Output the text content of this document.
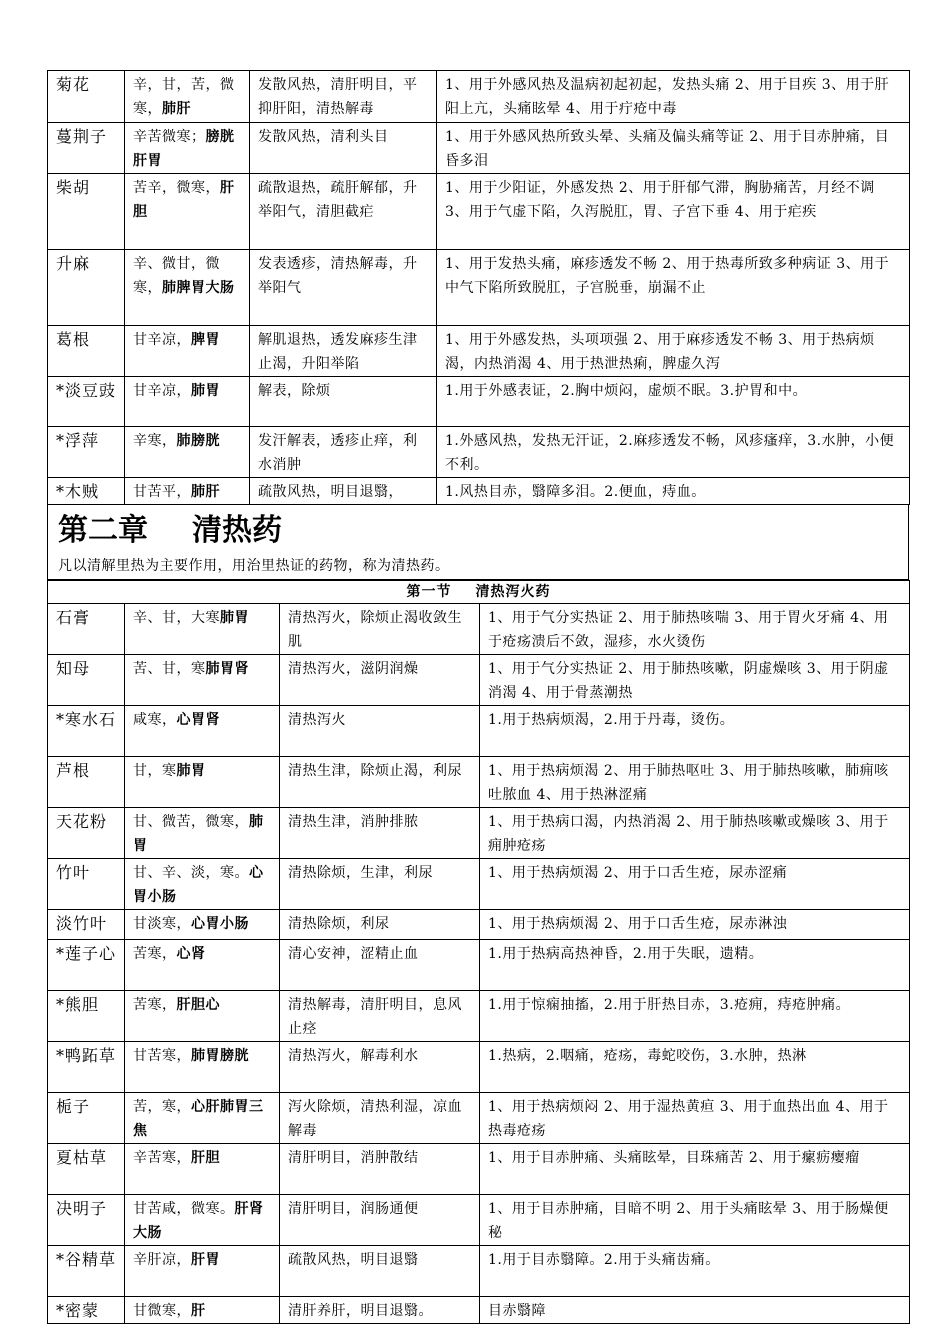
菊花	辛，甘，苦，微寒，肺肝	发散风热，清肝明目，平抑肝阳，清热解毒	1、用于外感风热及温病初起初起，发热头痛 2、用于目疾 3、用于肝阳上亢，头痛眩晕 4、用于疔疮中毒
蔓荆子	辛苦微寒；膀胱肝胃	发散风热，清利头目	1、用于外感风热所致头晕、头痛及偏头痛等证 2、用于目赤肿痛，目昏多泪
柴胡	苦辛，微寒，肝胆	疏散退热，疏肝解郁，升举阳气，清胆截疟	1、用于少阳证，外感发热 2、用于肝郁气滞，胸胁痛苦，月经不调 3、用于气虚下陷，久泻脱肛，胃、子宫下垂 4、用于疟疾
升麻	辛、微甘，微寒，肺脾胃大肠	发表透疹，清热解毒，升举阳气	1、用于发热头痛，麻疹透发不畅 2、用于热毒所致多种病证 3、用于中气下陷所致脱肛，子宫脱垂，崩漏不止
葛根	甘辛凉，脾胃	解肌退热，透发麻疹生津止渴，升阳举陷	1、用于外感发热，头项项强 2、用于麻疹透发不畅 3、用于热病烦渴，内热消渴 4、用于热泄热痢，脾虚久泻
*淡豆豉	甘辛凉，肺胃	解表，除烦	1.用于外感表证，2.胸中烦闷，虚烦不眠。3.护胃和中。
*浮萍	辛寒，肺膀胱	发汗解表，透疹止痒，利水消肿	1.外感风热，发热无汗证，2.麻疹透发不畅，风疹瘙痒，3.水肿，小便不利。
*木贼	甘苦平，肺肝	疏散风热，明目退翳，	1.风热目赤，翳障多泪。2.便血，痔血。
第二章 清热药
凡以清解里热为主要作用，用治里热证的药物，称为清热药。
第一节 清热泻火药			
石膏	辛、甘，大寒肺胃	清热泻火，除烦止渴收敛生肌	1、用于气分实热证 2、用于肺热咳喘 3、用于胃火牙痛 4、用于疮疡溃后不敛，湿疹，水火烫伤
知母	苦、甘，寒肺胃肾	清热泻火，滋阴润燥	1、用于气分实热证 2、用于肺热咳嗽，阴虚燥咳 3、用于阴虚消渴 4、用于骨蒸潮热
*寒水石	咸寒，心胃肾	清热泻火	1.用于热病烦渴，2.用于丹毒，烫伤。
芦根	甘，寒肺胃	清热生津，除烦止渴，利尿	1、用于热病烦渴 2、用于肺热呕吐 3、用于肺热咳嗽，肺痈咳吐脓血 4、用于热淋涩痛
天花粉	甘、微苦，微寒，肺胃	清热生津，消肿排脓	1、用于热病口渴，内热消渴 2、用于肺热咳嗽或燥咳 3、用于痈肿疮疡
竹叶	甘、辛、淡，寒。心胃小肠	清热除烦，生津，利尿	1、用于热病烦渴 2、用于口舌生疮，尿赤涩痛
淡竹叶	甘淡寒，心胃小肠	清热除烦，利尿	1、用于热病烦渴 2、用于口舌生疮，尿赤淋浊
*莲子心	苦寒，心肾	清心安神，涩精止血	1.用于热病高热神昏，2.用于失眠，遗精。
*熊胆	苦寒，肝胆心	清热解毒，清肝明目，息风止痉	1.用于惊痫抽搐，2.用于肝热目赤，3.疮痈，痔疮肿痛。
*鸭跖草	甘苦寒，肺胃膀胱	清热泻火，解毒利水	1.热病，2.咽痛，疮疡，毒蛇咬伤，3.水肿，热淋
栀子	苦，寒，心肝肺胃三焦	泻火除烦，清热利湿，凉血解毒	1、用于热病烦闷 2、用于湿热黄疸 3、用于血热出血 4、用于热毒疮疡
夏枯草	辛苦寒，肝胆	清肝明目，消肿散结	1、用于目赤肿痛、头痛眩晕，目珠痛苦 2、用于瘰疬瘿瘤
决明子	甘苦咸，微寒。肝肾大肠	清肝明目，润肠通便	1、用于目赤肿痛，目暗不明 2、用于头痛眩晕 3、用于肠燥便秘
*谷精草	辛肝凉，肝胃	疏散风热，明目退翳	1.用于目赤翳障。2.用于头痛齿痛。
*密蒙	甘微寒，肝	清肝养肝，明目退翳。	目赤翳障
